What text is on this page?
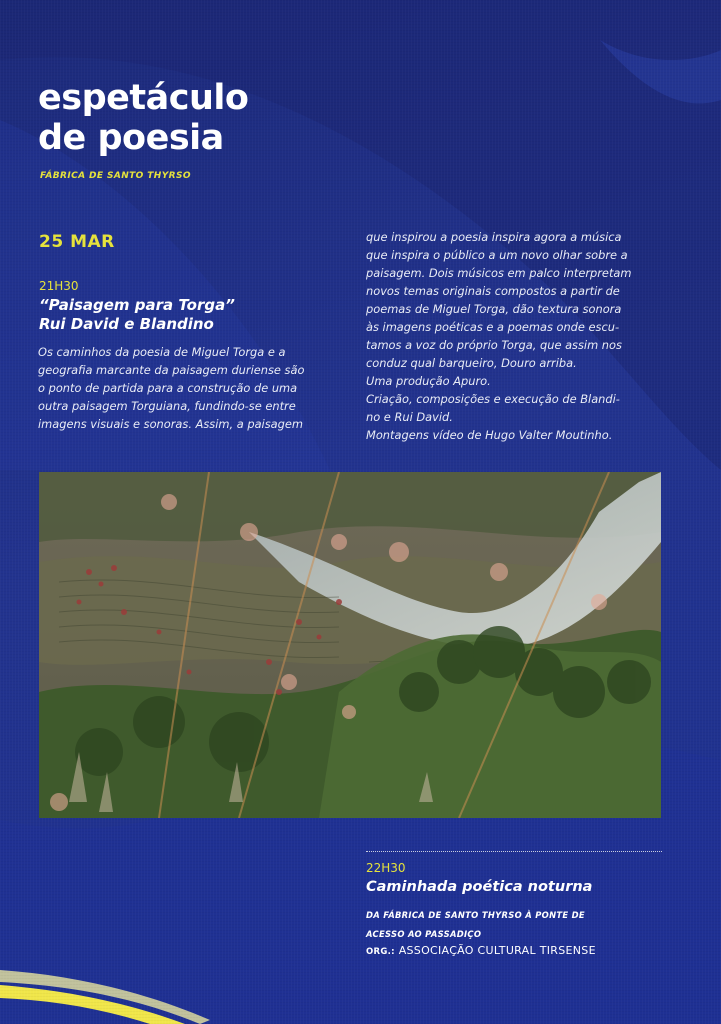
espetáculo
de poesia
FÁBRICA DE SANTO THYRSO
25 MAR
21H30
“Paisagem para Torga”
Rui David e Blandino
Os caminhos da poesia de Miguel Torga e a
geografia marcante da paisagem duriense são
o ponto de partida para a construção de uma
outra paisagem Torguiana, fundindo-se entre
imagens visuais e sonoras. Assim, a paisagem
que inspirou a poesia inspira agora a música
que inspira o público a um novo olhar sobre a
paisagem. Dois músicos em palco interpretam
novos temas originais compostos a partir de
poemas de Miguel Torga, dão textura sonora
às imagens poéticas e a poemas onde escu-
tamos a voz do próprio Torga, que assim nos
conduz qual barqueiro, Douro arriba.
Uma produção Apuro.
Criação, composições e execução de Blandi-
no e Rui David.
Montagens vídeo de Hugo Valter Moutinho.
22H30
Caminhada poética noturna
DA FÁBRICA DE SANTO THYRSO À PONTE DE
ACESSO AO PASSADIÇO
ORG.: ASSOCIAÇÃO CULTURAL TIRSENSE
